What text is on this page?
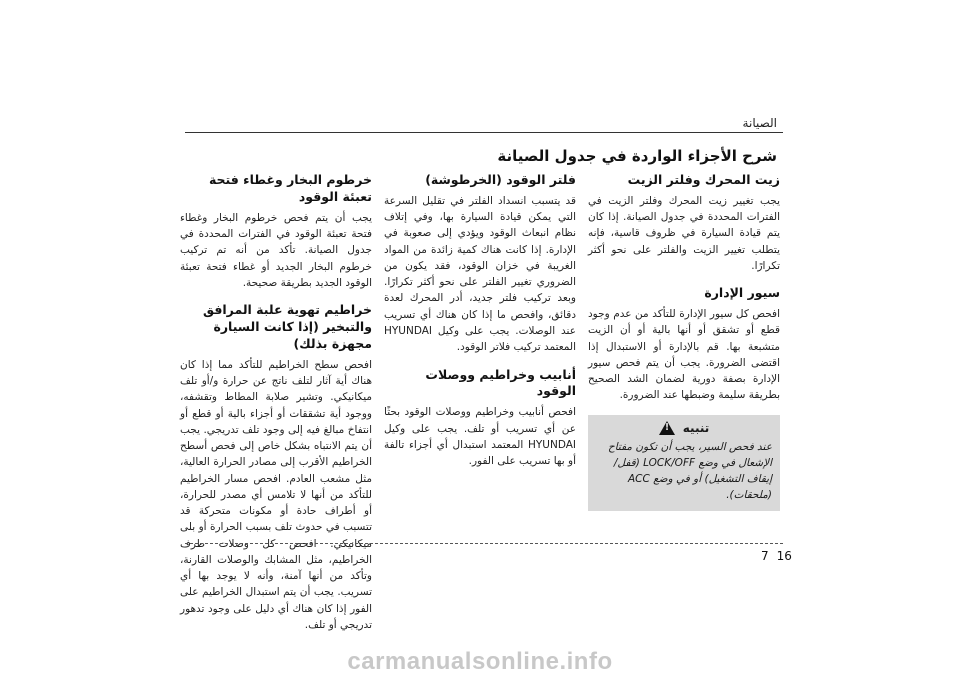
الصيانة
شرح الأجزاء الواردة في جدول الصيانة
زيت المحرك وفلتر الزيت

يجب تغيير زيت المحرك وفلتر الزيت في الفترات المحددة في جدول الصيانة. إذا كان يتم قيادة السيارة في ظروف قاسية، فإنه يتطلب تغيير الزيت والفلتر على نحو أكثر تكرارًا.

سيور الإدارة

افحص كل سيور الإدارة للتأكد من عدم وجود قطع أو تشقق أو أنها بالية أو أن الزيت متشبعة بها. قم بالإدارة أو الاستبدال إذا اقتضى الضرورة. يجب أن يتم فحص سيور الإدارة بصفة دورية لضمان الشد الصحيح بطريقة سليمة وضبطها عند الضرورة.

تنبيه
!

عند فحص السير، يجب أن تكون مفتاح الإشعال في وضع LOCK/OFF (قفل/إيقاف التشغيل) أو في وضع ACC (ملحقات).

فلتر الوقود (الخرطوشة)

قد يتسبب انسداد الفلتر في تقليل السرعة التي يمكن قيادة السيارة بها، وفي إتلاف نظام انبعاث الوقود ويؤدي إلى صعوبة في الإدارة. إذا كانت هناك كمية زائدة من المواد الغريبة في خزان الوقود، فقد يكون من الضروري تغيير الفلتر على نحو أكثر تكرارًا. وبعد تركيب فلتر جديد، أدر المحرك لعدة دقائق، وافحص ما إذا كان هناك أي تسريب عند الوصلات. يجب على وكيل HYUNDAI المعتمد تركيب فلاتر الوقود.

أنابيب وخراطيم ووصلات الوقود

افحص أنابيب وخراطيم ووصلات الوقود بحثًا عن أي تسريب أو تلف. يجب على وكيل HYUNDAI المعتمد استبدال أي أجزاء تالفة أو بها تسريب على الفور.

خرطوم البخار وغطاء فتحة تعبئة الوقود

يجب أن يتم فحص خرطوم البخار وغطاء فتحة تعبئة الوقود في الفترات المحددة في جدول الصيانة. تأكد من أنه تم تركيب خرطوم البخار الجديد أو غطاء فتحة تعبئة الوقود الجديد بطريقة صحيحة.

خراطيم تهوية علبة المرافق والتبخير (إذا كانت السيارة مجهزة بذلك)

افحص سطح الخراطيم للتأكد مما إذا كان هناك أية آثار لتلف ناتج عن حرارة و/أو تلف ميكانيكي. وتشير صلابة المطاط وتقشفه، ووجود أية تشققات أو أجزاء بالية أو قطع أو انتفاخ مبالغ فيه إلى وجود تلف تدريجي. يجب أن يتم الانتباه بشكل خاص إلى فحص أسطح الخراطيم الأقرب إلى مصادر الحرارة العالية، مثل مشعب العادم. افحص مسار الخراطيم للتأكد من أنها لا تلامس أي مصدر للحرارة، أو أطراف حادة أو مكونات متحركة قد تتسبب في حدوث تلف بسبب الحرارة أو بلى ميكانيكي. افحص كل وصلات طرف الخراطيم، مثل المشابك والوصلات القارنة، وتأكد من أنها آمنة، وأنه لا يوجد بها أي تسريب. يجب أن يتم استبدال الخراطيم على الفور إذا كان هناك أي دليل على وجود تدهور تدريجي أو تلف.

7 16
carmanualsonline.info
